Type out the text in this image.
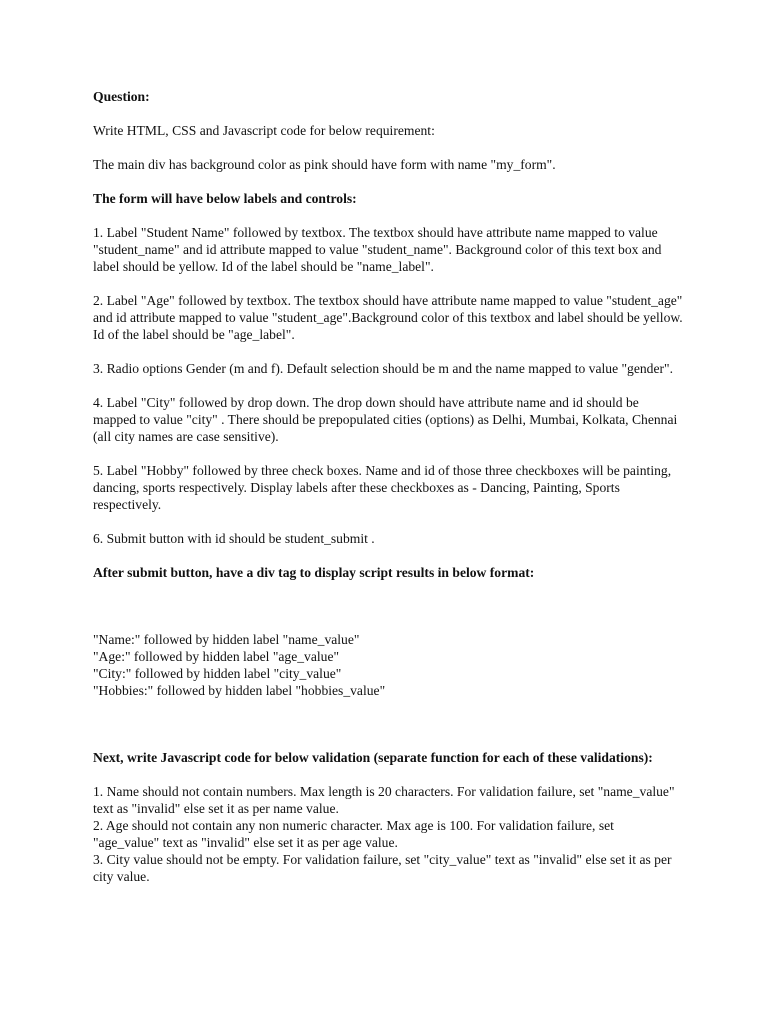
Question:

Write HTML, CSS and Javascript code for below requirement:

The main div has background color as pink should have form with name "my_form".

The form will have below labels and controls:

1. Label "Student Name" followed by textbox. The textbox should have attribute name mapped to value "student_name" and id attribute mapped to value "student_name". Background color of this text box and label should be yellow. Id of the label should be "name_label".

2. Label "Age" followed by textbox. The textbox should have attribute name mapped to value "student_age" and id attribute mapped to value "student_age".Background color of this textbox and label should be yellow. Id of the label should be "age_label".

3. Radio options Gender (m and f). Default selection should be m and the name mapped to value "gender".

4. Label "City" followed by drop down. The drop down should have attribute name and id should be mapped to value "city" . There should be prepopulated cities (options) as Delhi, Mumbai, Kolkata, Chennai (all city names are case sensitive).

5. Label "Hobby" followed by three check boxes. Name and id of those three checkboxes will be painting, dancing, sports respectively. Display labels after these checkboxes as - Dancing, Painting, Sports respectively.

6. Submit button with id should be student_submit .

After submit button, have a div tag to display script results in below format:

"Name:" followed by hidden label "name_value"

"Age:" followed by hidden label "age_value"

"City:" followed by hidden label "city_value"

"Hobbies:" followed by hidden label "hobbies_value"

Next, write Javascript code for below validation (separate function for each of these validations):

1. Name should not contain numbers. Max length is 20 characters. For validation failure, set "name_value" text as "invalid" else set it as per name value.

2. Age should not contain any non numeric character. Max age is 100. For validation failure, set "age_value" text as "invalid" else set it as per age value.

3. City value should not be empty. For validation failure, set "city_value" text as "invalid" else set it as per city value.
